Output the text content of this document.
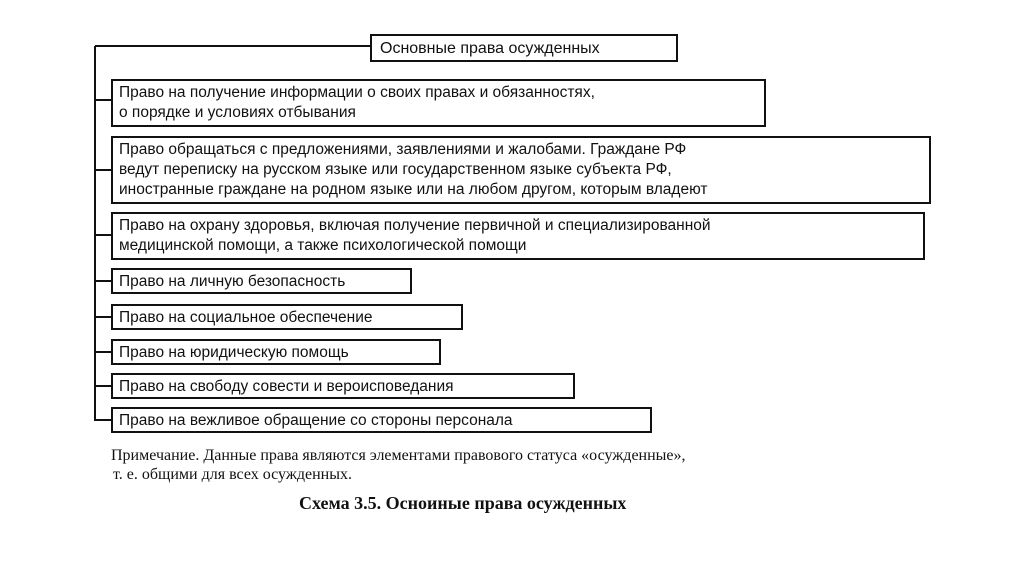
Основные права осужденных
Право на получение информации о своих правах и обязанностях,
о порядке и условиях отбывания
Право обращаться с предложениями, заявлениями и жалобами. Граждане РФ
ведут переписку на русском языке или государственном языке субъекта РФ,
иностранные граждане на родном языке или на любом другом, которым владеют
Право на охрану здоровья, включая получение первичной и специализированной
медицинской помощи, а также психологической помощи
Право на личную безопасность
Право на социальное обеспечение
Право на юридическую помощь
Право на свободу совести и вероисповедания
Право на вежливое обращение со стороны персонала
Примечание. Данные права являются элементами правового статуса «осужденные»,
т. е. общими для всех осужденных.
Схема 3.5. Осноиные права осужденных
